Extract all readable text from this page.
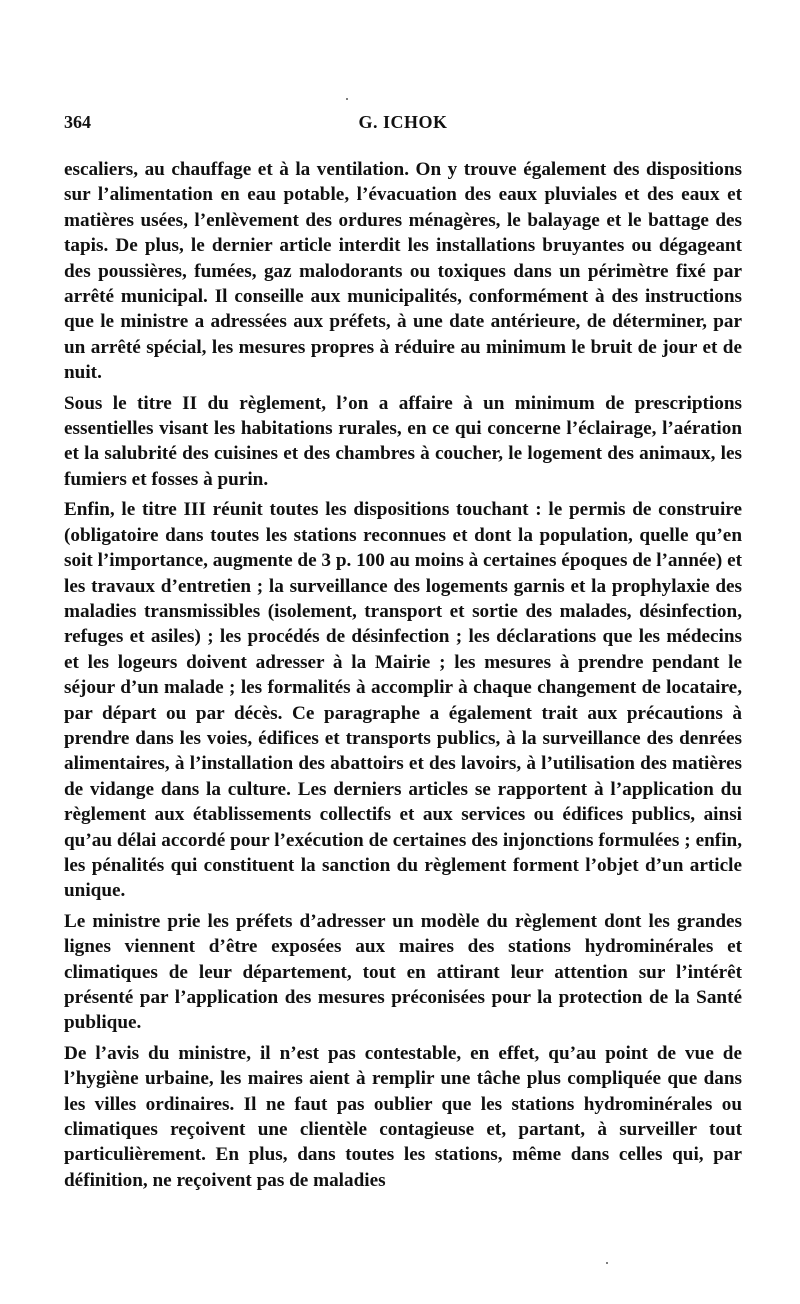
364	G. ICHOK

escaliers, au chauffage et à la ventilation. On y trouve également des dispositions sur l’alimentation en eau potable, l’évacuation des eaux pluviales et des eaux et matières usées, l’enlèvement des ordures ménagères, le balayage et le battage des tapis. De plus, le dernier article interdit les installations bruyantes ou dégageant des poussières, fumées, gaz malodorants ou toxiques dans un périmètre fixé par arrêté municipal. Il conseille aux municipalités, conformément à des instructions que le ministre a adressées aux préfets, à une date antérieure, de déterminer, par un arrêté spécial, les mesures propres à réduire au minimum le bruit de jour et de nuit.

Sous le titre II du règlement, l’on a affaire à un minimum de prescriptions essentielles visant les habitations rurales, en ce qui concerne l’éclairage, l’aération et la salubrité des cuisines et des chambres à coucher, le logement des animaux, les fumiers et fosses à purin.

Enfin, le titre III réunit toutes les dispositions touchant : le permis de construire (obligatoire dans toutes les stations reconnues et dont la population, quelle qu’en soit l’importance, augmente de 3 p. 100 au moins à certaines époques de l’année) et les travaux d’entretien ; la surveillance des logements garnis et la prophylaxie des maladies transmissibles (isolement, transport et sortie des malades, désinfection, refuges et asiles) ; les procédés de désinfection ; les déclarations que les médecins et les logeurs doivent adresser à la Mairie ; les mesures à prendre pendant le séjour d’un malade ; les formalités à accomplir à chaque changement de locataire, par départ ou par décès. Ce paragraphe a également trait aux précautions à prendre dans les voies, édifices et transports publics, à la surveillance des denrées alimentaires, à l’installation des abattoirs et des lavoirs, à l’utilisation des matières de vidange dans la culture. Les derniers articles se rapportent à l’application du règlement aux établissements collectifs et aux services ou édifices publics, ainsi qu’au délai accordé pour l’exécution de certaines des injonctions formulées ; enfin, les pénalités qui constituent la sanction du règlement forment l’objet d’un article unique.

Le ministre prie les préfets d’adresser un modèle du règlement dont les grandes lignes viennent d’être exposées aux maires des stations hydrominérales et climatiques de leur département, tout en attirant leur attention sur l’intérêt présenté par l’application des mesures préconisées pour la protection de la Santé publique.

De l’avis du ministre, il n’est pas contestable, en effet, qu’au point de vue de l’hygiène urbaine, les maires aient à remplir une tâche plus compliquée que dans les villes ordinaires. Il ne faut pas oublier que les stations hydrominérales ou climatiques reçoivent une clientèle contagieuse et, partant, à surveiller tout particulièrement. En plus, dans toutes les stations, même dans celles qui, par définition, ne reçoivent pas de maladies
